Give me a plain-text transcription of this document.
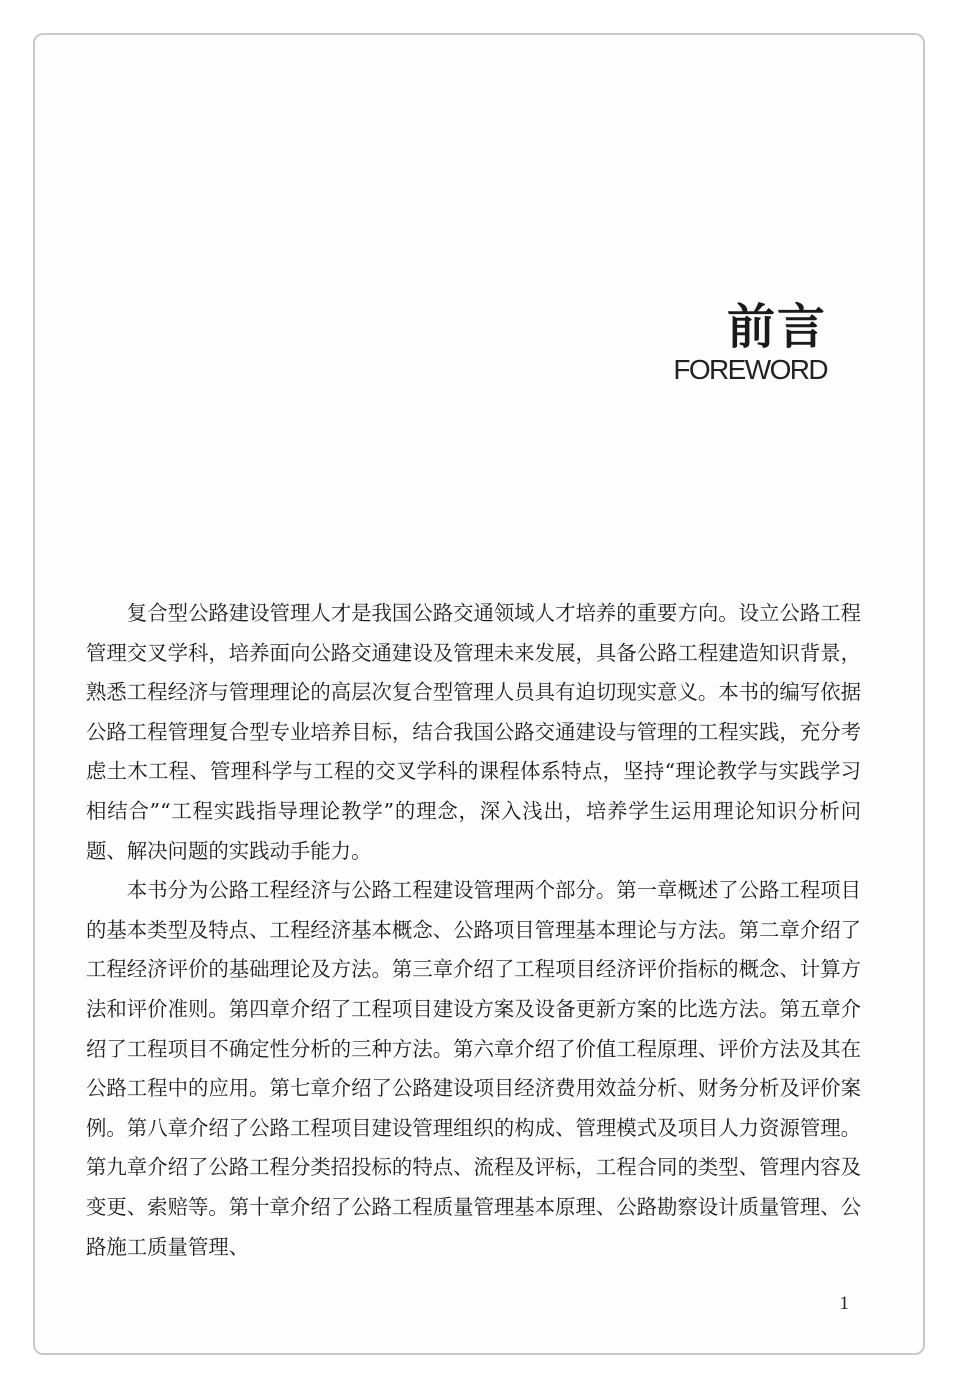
前言
FOREWORD

复合型公路建设管理人才是我国公路交通领域人才培养的重要方向。设立公路工程管理交叉学科，培养面向公路交通建设及管理未来发展，具备公路工程建造知识背景，熟悉工程经济与管理理论的高层次复合型管理人员具有迫切现实意义。本书的编写依据公路工程管理复合型专业培养目标，结合我国公路交通建设与管理的工程实践，充分考虑土木工程、管理科学与工程的交叉学科的课程体系特点，坚持“理论教学与实践学习相结合”“工程实践指导理论教学”的理念，深入浅出，培养学生运用理论知识分析问题、解决问题的实践动手能力。

本书分为公路工程经济与公路工程建设管理两个部分。第一章概述了公路工程项目的基本类型及特点、工程经济基本概念、公路项目管理基本理论与方法。第二章介绍了工程经济评价的基础理论及方法。第三章介绍了工程项目经济评价指标的概念、计算方法和评价准则。第四章介绍了工程项目建设方案及设备更新方案的比选方法。第五章介绍了工程项目不确定性分析的三种方法。第六章介绍了价值工程原理、评价方法及其在公路工程中的应用。第七章介绍了公路建设项目经济费用效益分析、财务分析及评价案例。第八章介绍了公路工程项目建设管理组织的构成、管理模式及项目人力资源管理。第九章介绍了公路工程分类招投标的特点、流程及评标，工程合同的类型、管理内容及变更、索赔等。第十章介绍了公路工程质量管理基本原理、公路勘察设计质量管理、公路施工质量管理、

1
